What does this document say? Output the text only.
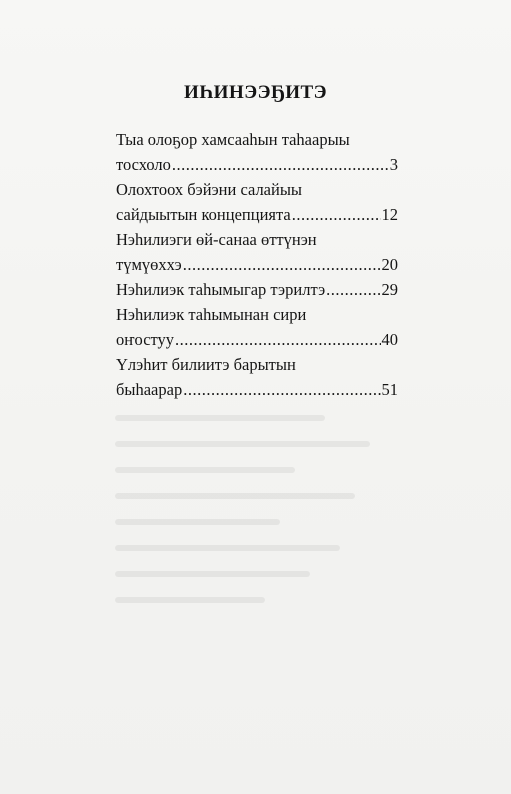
ИҺИНЭЭҔИТЭ
Тыа олоҕор хамсааһын таһаарыы
тосхоло .....	3
Олохтоох бэйэни салайыы
сайдыытын концепцията .....	12
Нэһилиэги өй-санаа өттүнэн
түмүөххэ .....	20
Нэһилиэк таһымыгар тэрилтэ .....	29
Нэһилиэк таһымынан сири
оҥостуу .....	40
Үлэһит билиитэ барытын
быһаарар .....	51
